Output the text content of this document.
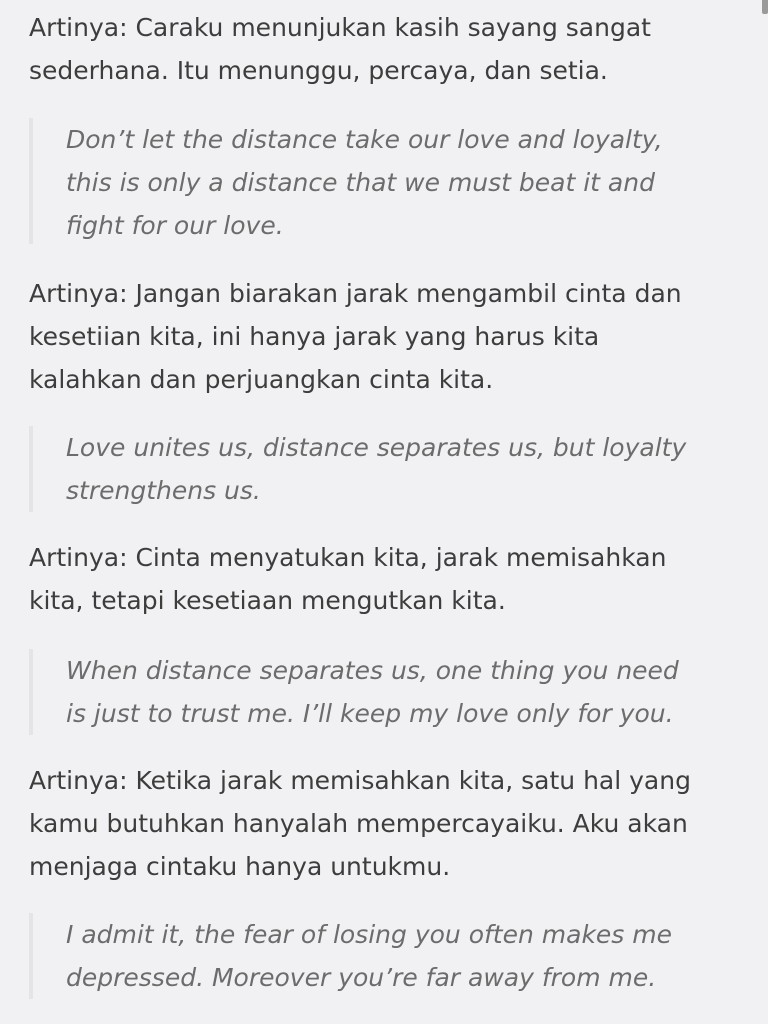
Artinya: Caraku menunjukan kasih sayang sangat
sederhana. Itu menunggu, percaya, dan setia.

Don’t let the distance take our love and loyalty,
this is only a distance that we must beat it and
fight for our love.

Artinya: Jangan biarakan jarak mengambil cinta dan
kesetiian kita, ini hanya jarak yang harus kita
kalahkan dan perjuangkan cinta kita.

Love unites us, distance separates us, but loyalty
strengthens us.

Artinya: Cinta menyatukan kita, jarak memisahkan
kita, tetapi kesetiaan mengutkan kita.

When distance separates us, one thing you need
is just to trust me. I’ll keep my love only for you.

Artinya: Ketika jarak memisahkan kita, satu hal yang
kamu butuhkan hanyalah mempercayaiku. Aku akan
menjaga cintaku hanya untukmu.

I admit it, the fear of losing you often makes me
depressed. Moreover you’re far away from me.
